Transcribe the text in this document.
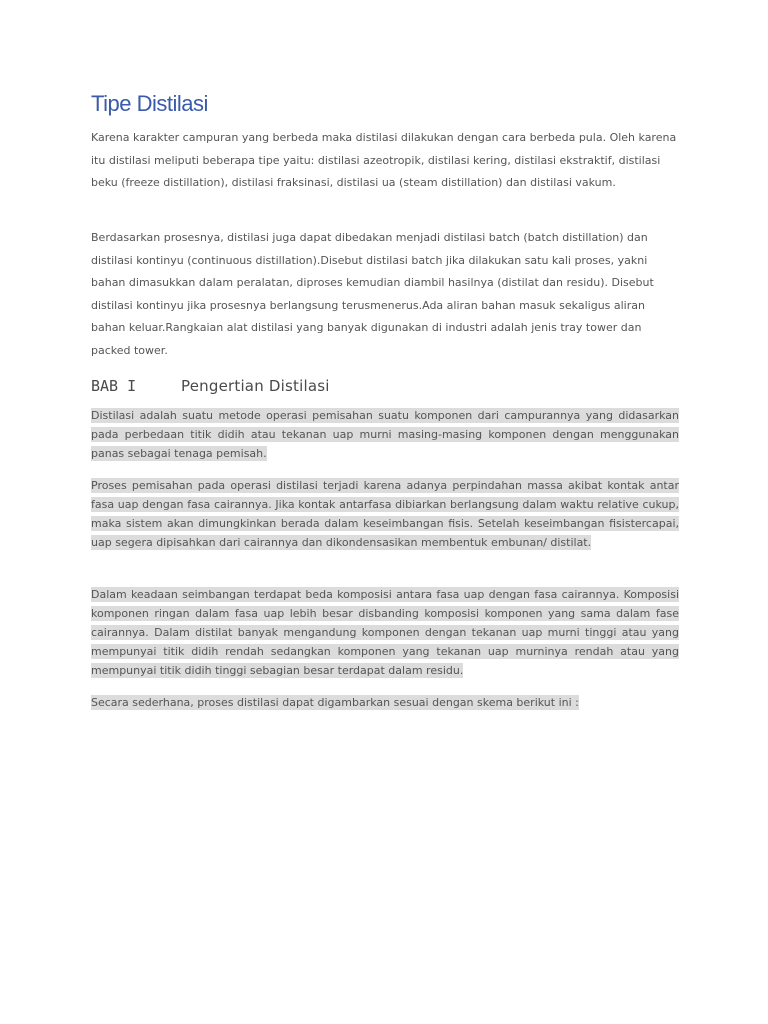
Tipe Distilasi

Karena karakter campuran yang berbeda maka distilasi dilakukan dengan cara berbeda pula. Oleh karena itu distilasi meliputi beberapa tipe yaitu: distilasi azeotropik, distilasi kering, distilasi ekstraktif, distilasi beku (freeze distillation), distilasi fraksinasi, distilasi ua (steam distillation) dan distilasi vakum.

Berdasarkan prosesnya, distilasi juga dapat dibedakan menjadi distilasi batch (batch distillation) dan distilasi kontinyu (continuous distillation).Disebut distilasi batch jika dilakukan satu kali proses, yakni bahan dimasukkan dalam peralatan, diproses kemudian diambil hasilnya (distilat dan residu). Disebut distilasi kontinyu jika prosesnya berlangsung terusmenerus.Ada aliran bahan masuk sekaligus aliran bahan keluar.Rangkaian alat distilasi yang banyak digunakan di industri adalah jenis tray tower dan packed tower.

BAB I	Pengertian Distilasi

Distilasi adalah suatu metode operasi pemisahan suatu komponen dari campurannya yang didasarkan pada perbedaan titik didih atau tekanan uap murni masing-masing komponen dengan menggunakan panas sebagai tenaga pemisah.

Proses pemisahan pada operasi distilasi terjadi karena adanya perpindahan massa akibat kontak antar fasa uap dengan fasa cairannya. Jika kontak antarfasa dibiarkan berlangsung dalam waktu relative cukup, maka sistem akan dimungkinkan berada dalam keseimbangan fisis. Setelah keseimbangan fisistercapai, uap segera dipisahkan dari cairannya dan dikondensasikan membentuk embunan/ distilat.

Dalam keadaan seimbangan terdapat beda komposisi antara fasa uap dengan fasa cairannya. Komposisi komponen ringan dalam fasa uap lebih besar disbanding komposisi komponen yang sama dalam fase cairannya. Dalam distilat banyak mengandung komponen dengan tekanan uap murni tinggi atau yang mempunyai titik didih rendah sedangkan komponen yang tekanan uap murninya rendah atau yang mempunyai titik didih tinggi sebagian besar terdapat dalam residu.

Secara sederhana, proses distilasi dapat digambarkan sesuai dengan skema berikut ini :
